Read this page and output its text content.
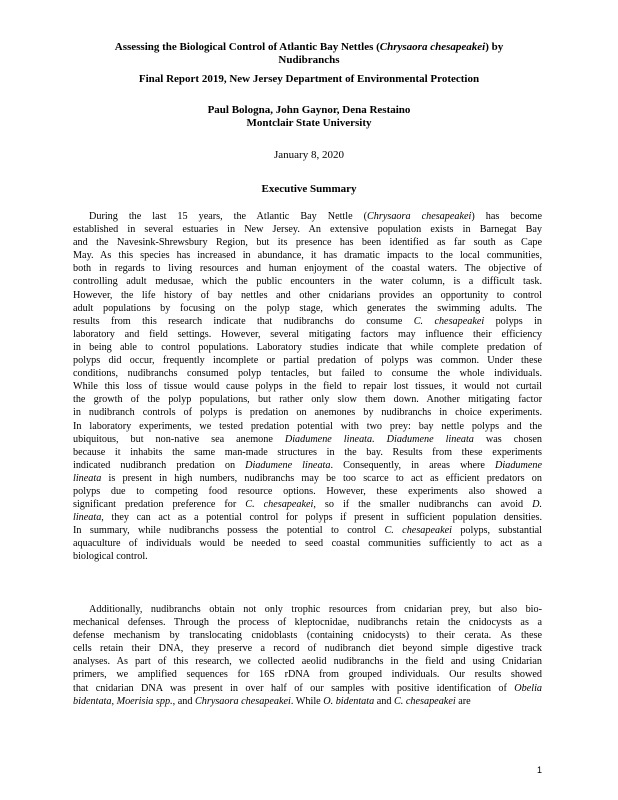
Assessing the Biological Control of Atlantic Bay Nettles (Chrysaora chesapeakei) by
Nudibranchs
Final Report 2019, New Jersey Department of Environmental Protection
Paul Bologna, John Gaynor, Dena Restaino
Montclair State University
January 8, 2020
Executive Summary
During the last 15 years, the Atlantic Bay Nettle (Chrysaora chesapeakei) has become
established in several estuaries in New Jersey. An extensive population exists in Barnegat Bay
and the Navesink-Shrewsbury Region, but its presence has been identified as far south as Cape
May. As this species has increased in abundance, it has dramatic impacts to the local communities,
both in regards to living resources and human enjoyment of the coastal waters. The objective of
controlling adult medusae, which the public encounters in the water column, is a difficult task.
However, the life history of bay nettles and other cnidarians provides an opportunity to control
adult populations by focusing on the polyp stage, which generates the swimming adults. The
results from this research indicate that nudibranchs do consume C. chesapeakei polyps in
laboratory and field settings. However, several mitigating factors may influence their efficiency
in being able to control populations. Laboratory studies indicate that while complete predation of
polyps did occur, frequently incomplete or partial predation of polyps was common. Under these
conditions, nudibranchs consumed polyp tentacles, but failed to consume the whole individuals.
While this loss of tissue would cause polyps in the field to repair lost tissues, it would not curtail
the growth of the polyp populations, but rather only slow them down. Another mitigating factor
in nudibranch controls of polyps is predation on anemones by nudibranchs in choice experiments.
In laboratory experiments, we tested predation potential with two prey: bay nettle polyps and the
ubiquitous, but non-native sea anemone Diadumene lineata. Diadumene lineata was chosen
because it inhabits the same man-made structures in the bay. Results from these experiments
indicated nudibranch predation on Diadumene lineata. Consequently, in areas where Diadumene
lineata is present in high numbers, nudibranchs may be too scarce to act as efficient predators on
polyps due to competing food resource options. However, these experiments also showed a
significant predation preference for C. chesapeakei, so if the smaller nudibranchs can avoid D.
lineata, they can act as a potential control for polyps if present in sufficient population densities.
In summary, while nudibranchs possess the potential to control C. chesapeakei polyps, substantial
aquaculture of individuals would be needed to seed coastal communities sufficiently to act as a
biological control.
Additionally, nudibranchs obtain not only trophic resources from cnidarian prey, but also bio-
mechanical defenses. Through the process of kleptocnidae, nudibranchs retain the cnidocysts as a
defense mechanism by translocating cnidoblasts (containing cnidocysts) to their cerata. As these
cells retain their DNA, they preserve a record of nudibranch diet beyond simple digestive track
analyses. As part of this research, we collected aeolid nudibranchs in the field and using Cnidarian
primers, we amplified sequences for 16S rDNA from grouped individuals. Our results showed
that cnidarian DNA was present in over half of our samples with positive identification of Obelia
bidentata, Moerisia spp., and Chrysaora chesapeakei. While O. bidentata and C. chesapeakei are
1
